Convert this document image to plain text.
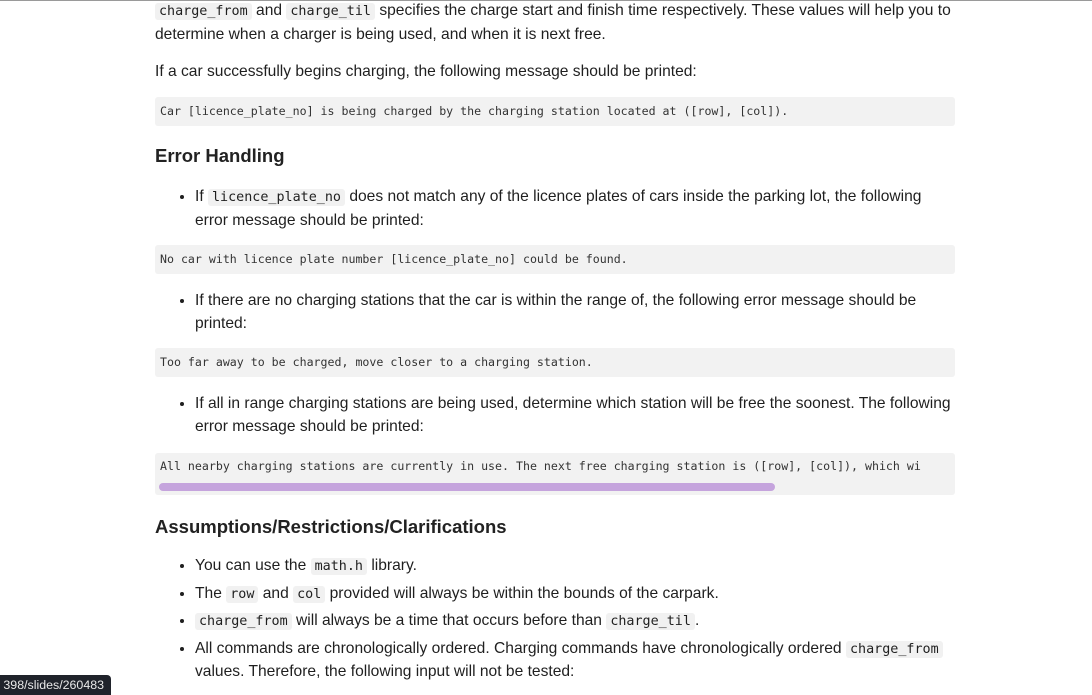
charge_from and charge_til specifies the charge start and finish time respectively. These values will help you to determine when a charger is being used, and when it is next free.

If a car successfully begins charging, the following message should be printed:

Car [licence_plate_no] is being charged by the charging station located at ([row], [col]).
Error Handling
• If licence_plate_no does not match any of the licence plates of cars inside the parking lot, the following error message should be printed:
No car with licence plate number [licence_plate_no] could be found.
• If there are no charging stations that the car is within the range of, the following error message should be printed:
Too far away to be charged, move closer to a charging station.
• If all in range charging stations are being used, determine which station will be free the soonest. The following error message should be printed:
All nearby charging stations are currently in use. The next free charging station is ([row], [col]), which wi
Assumptions/Restrictions/Clarifications
• You can use the math.h library.
• The row and col provided will always be within the bounds of the carpark.
• charge_from will always be a time that occurs before than charge_til .
• All commands are chronologically ordered. Charging commands have chronologically ordered charge_from values. Therefore, the following input will not be tested:
398/slides/260483
